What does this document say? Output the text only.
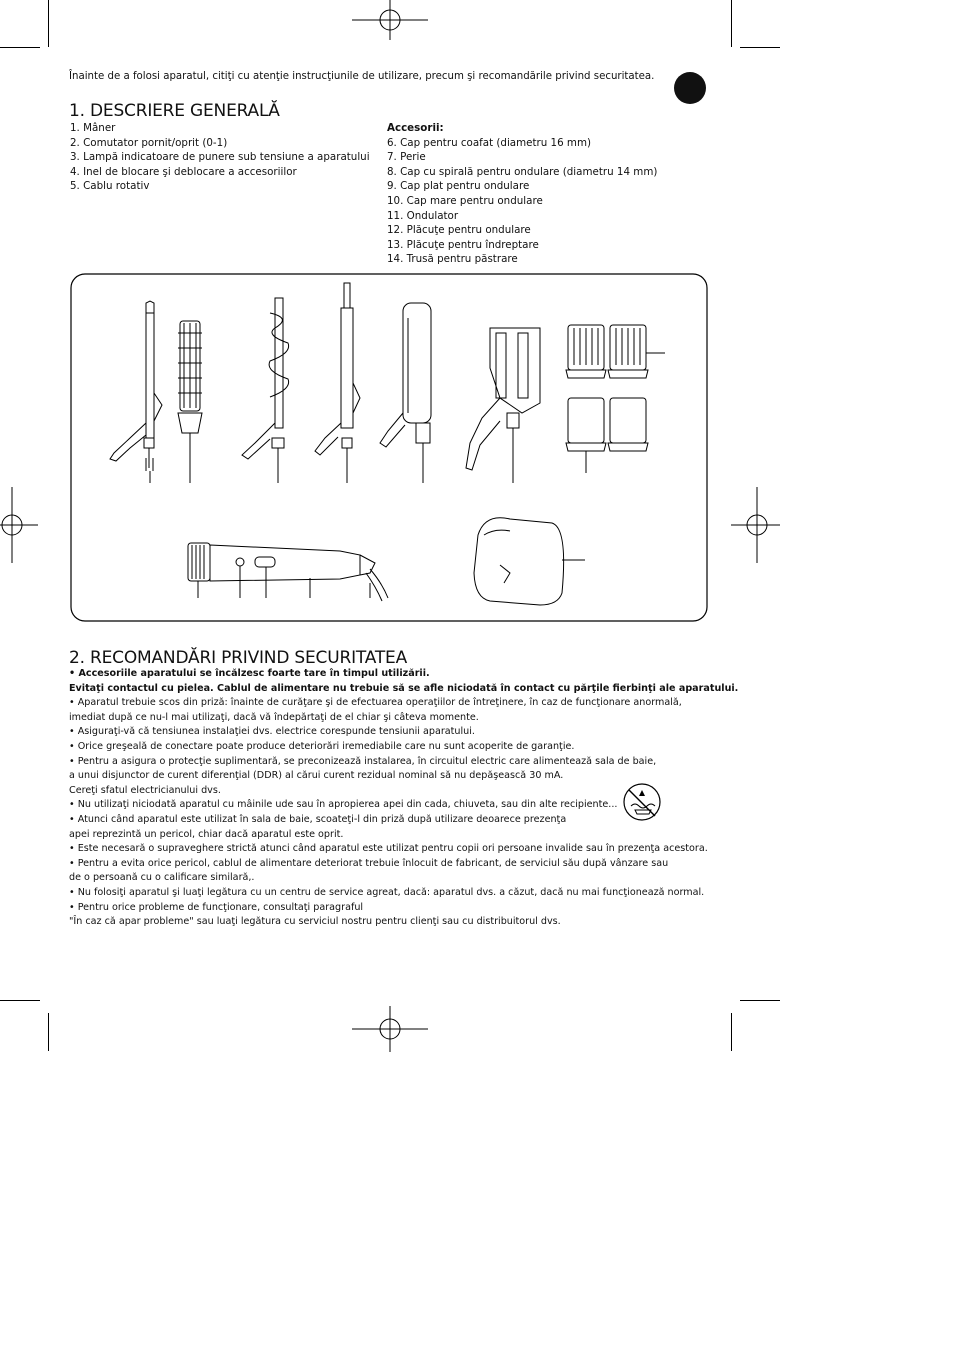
Înainte de a folosi aparatul, citiţi cu atenţie instrucţiunile de utilizare, precum şi recomandările privind securitatea.
1. DESCRIERE GENERALĂ
1. Mâner
2. Comutator pornit/oprit (0-1)
3. Lampă indicatoare de punere sub tensiune a aparatului
4. Inel de blocare şi deblocare a accesoriilor
5. Cablu rotativ
Accesorii:
6. Cap pentru coafat (diametru 16 mm)
7. Perie
8. Cap cu spirală pentru ondulare (diametru 14 mm)
9. Cap plat pentru ondulare
10. Cap mare pentru ondulare
11. Ondulator
12. Plăcuţe pentru ondulare
13. Plăcuţe pentru îndreptare
14. Trusă pentru păstrare
2. RECOMANDĂRI PRIVIND SECURITATEA
• Accesoriile aparatului se încălzesc foarte tare în timpul utilizării.
Evitaţi contactul cu pielea. Cablul de alimentare nu trebuie să se afle niciodată în contact cu părţile fierbinţi ale aparatului.
• Aparatul trebuie scos din priză: înainte de curăţare şi de efectuarea operaţiilor de întreţinere, în caz de funcţionare anormală,
imediat după ce nu-l mai utilizaţi, dacă vă îndepărtaţi de el chiar şi câteva momente.
• Asiguraţi-vă că tensiunea instalaţiei dvs. electrice corespunde tensiunii aparatului.
• Orice greşeală de conectare poate produce deteriorări iremediabile care nu sunt acoperite de garanţie.
• Pentru a asigura o protecţie suplimentară, se preconizează instalarea, în circuitul electric care alimentează sala de baie,
a unui disjunctor de curent diferenţial (DDR) al cărui curent rezidual nominal să nu depăşească 30 mA.
Cereţi sfatul electricianului dvs.
• Nu utilizaţi niciodată aparatul cu mâinile ude sau în apropierea apei din cada, chiuveta, sau din alte recipiente...
• Atunci când aparatul este utilizat în sala de baie, scoateţi-l din priză după utilizare deoarece prezenţa
apei reprezintă un pericol, chiar dacă aparatul este oprit.
• Este necesară o supraveghere strictă atunci când aparatul este utilizat pentru copii ori persoane invalide sau în prezenţa acestora.
• Pentru a evita orice pericol, cablul de alimentare deteriorat trebuie înlocuit de fabricant, de serviciul său după vânzare sau
de o persoană cu o calificare similară,.
• Nu folosiţi aparatul şi luaţi legătura cu un centru de service agreat, dacă: aparatul dvs. a căzut, dacă nu mai funcţionează normal.
• Pentru orice probleme de funcţionare, consultaţi paragraful
"În caz că apar probleme" sau luaţi legătura cu serviciul nostru pentru clienţi sau cu distribuitorul dvs.
